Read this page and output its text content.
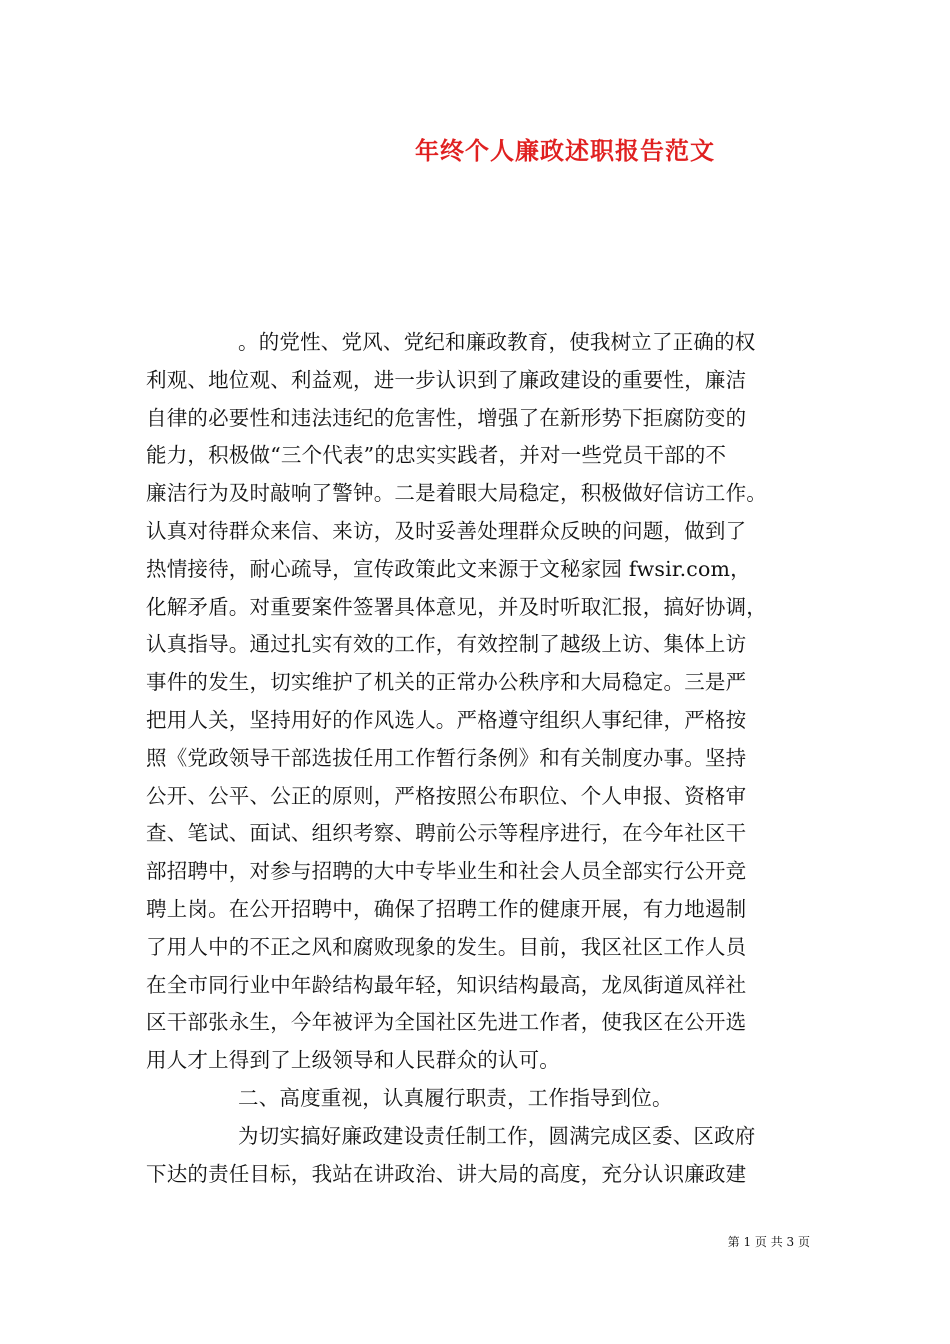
年终个人廉政述职报告范文
。的党性、党风、党纪和廉政教育，使我树立了正确的权
利观、地位观、利益观，进一步认识到了廉政建设的重要性，廉洁
自律的必要性和违法违纪的危害性，增强了在新形势下拒腐防变的
能力，积极做“三个代表”的忠实实践者，并对一些党员干部的不
廉洁行为及时敲响了警钟。二是着眼大局稳定，积极做好信访工作。
认真对待群众来信、来访，及时妥善处理群众反映的问题，做到了
热情接待，耐心疏导，宣传政策此文来源于文秘家园 fwsir.com，
化解矛盾。对重要案件签署具体意见，并及时听取汇报，搞好协调，
认真指导。通过扎实有效的工作，有效控制了越级上访、集体上访
事件的发生，切实维护了机关的正常办公秩序和大局稳定。三是严
把用人关，坚持用好的作风选人。严格遵守组织人事纪律，严格按
照《党政领导干部选拔任用工作暂行条例》和有关制度办事。坚持
公开、公平、公正的原则，严格按照公布职位、个人申报、资格审
查、笔试、面试、组织考察、聘前公示等程序进行，在今年社区干
部招聘中，对参与招聘的大中专毕业生和社会人员全部实行公开竞
聘上岗。在公开招聘中，确保了招聘工作的健康开展，有力地遏制
了用人中的不正之风和腐败现象的发生。目前，我区社区工作人员
在全市同行业中年龄结构最年轻，知识结构最高，龙凤街道凤祥社
区干部张永生，今年被评为全国社区先进工作者，使我区在公开选
用人才上得到了上级领导和人民群众的认可。
二、高度重视，认真履行职责，工作指导到位。
为切实搞好廉政建设责任制工作，圆满完成区委、区政府
下达的责任目标，我站在讲政治、讲大局的高度，充分认识廉政建
第 1 页 共 3 页
